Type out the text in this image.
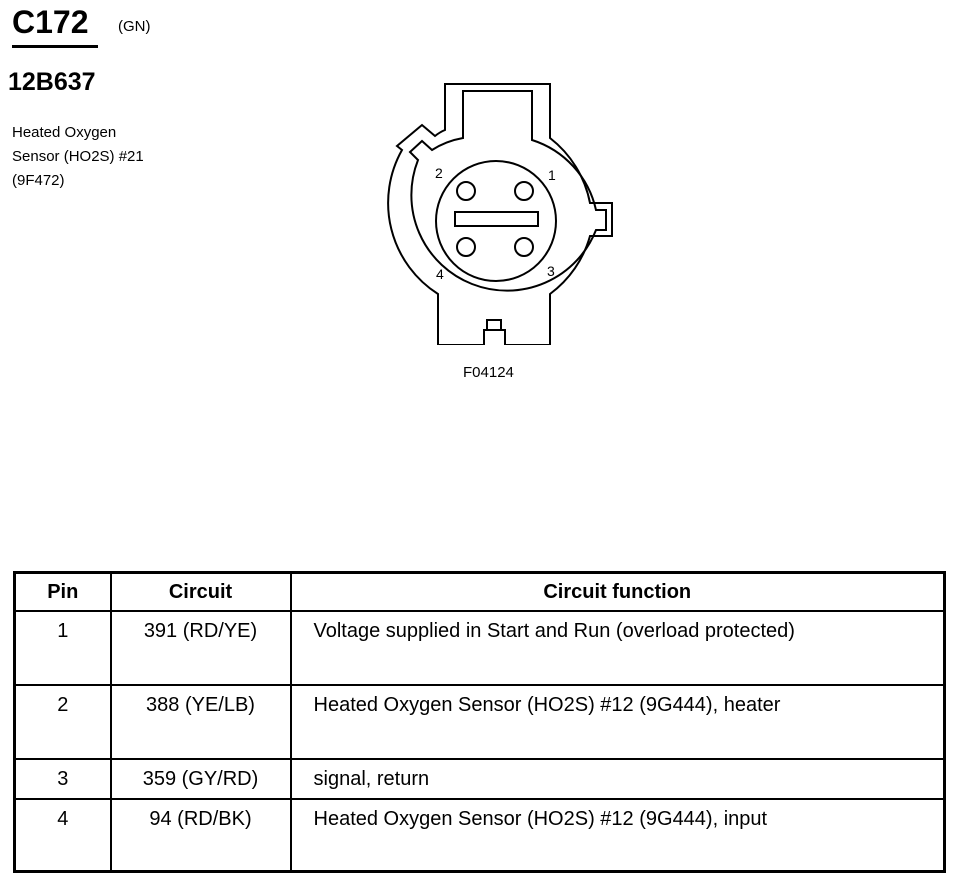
C172 (GN)
12B637
Heated Oxygen
Sensor (HO2S) #21
(9F472)	1
2
3
4
F04124
Pin	Circuit	Circuit function
1	391 (RD/YE)	Voltage supplied in Start and Run (overload protected)
2	388 (YE/LB)	Heated Oxygen Sensor (HO2S) #12 (9G444), heater
3	359 (GY/RD)	signal, return
4	94 (RD/BK)	Heated Oxygen Sensor (HO2S) #12 (9G444), input
